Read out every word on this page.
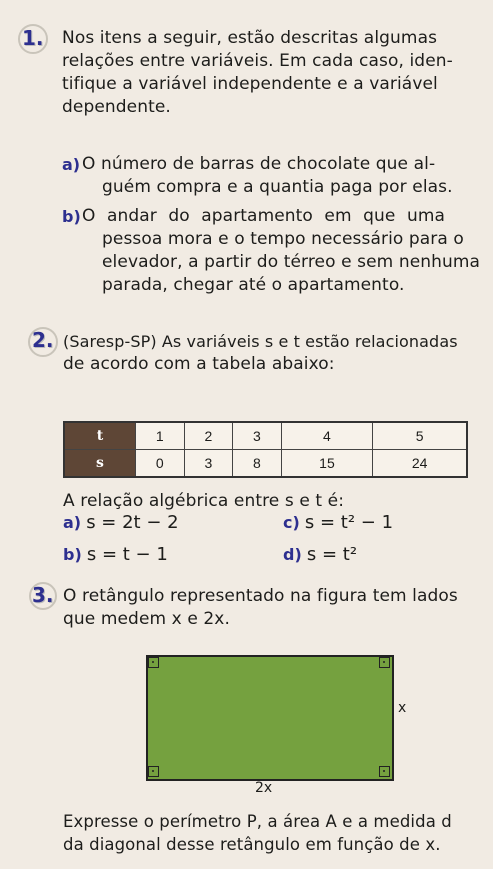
1. Nos itens a seguir, estão descritas algumas
relações entre variáveis. Em cada caso, iden-
tifique a variável independente e a variável
dependente.
a) O número de barras de chocolate que al-
guém compra e a quantia paga por elas.
b) O andar do apartamento em que uma
pessoa mora e o tempo necessário para o
elevador, a partir do térreo e sem nenhuma
parada, chegar até o apartamento.
2. (Saresp-SP) As variáveis s e t estão relacionadas
de acordo com a tabela abaixo:
t	1	2	3	4	5
s	0	3	8	15	24
A relação algébrica entre s e t é:
a) s = 2t − 2	c) s = t² − 1
b) s = t − 1	d) s = t²
3. O retângulo representado na figura tem lados
que medem x e 2x.
x
2x
Expresse o perímetro P, a área A e a medida d
da diagonal desse retângulo em função de x.
